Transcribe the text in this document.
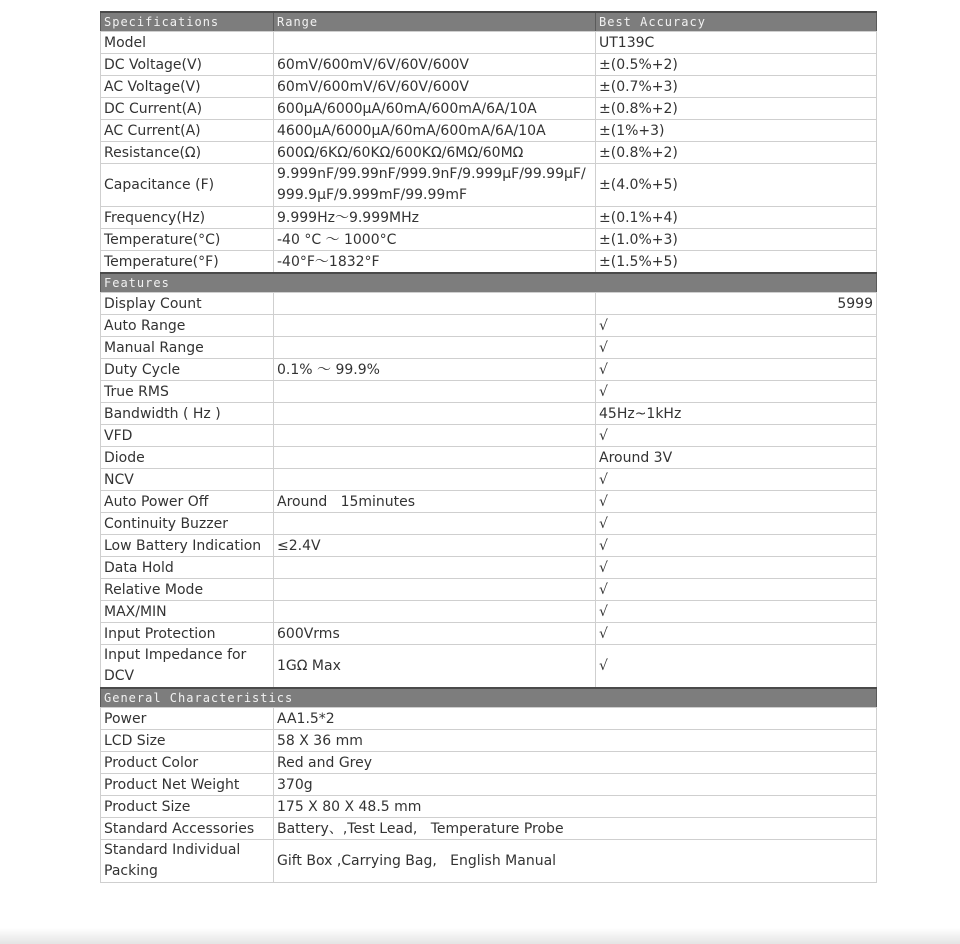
Specifications	Range	Best Accuracy
Model		UT139C
DC Voltage(V)	60mV/600mV/6V/60V/600V	±(0.5%+2)
AC Voltage(V)	60mV/600mV/6V/60V/600V	±(0.7%+3)
DC Current(A)	600μA/6000μA/60mA/600mA/6A/10A	±(0.8%+2)
AC Current(A)	4600μA/6000μA/60mA/600mA/6A/10A	±(1%+3)
Resistance(Ω)	600Ω/6KΩ/60KΩ/600KΩ/6MΩ/60MΩ	±(0.8%+2)
Capacitance (F)	9.999nF/99.99nF/999.9nF/9.999μF/99.99μF/999.9μF/9.999mF/99.99mF	±(4.0%+5)
Frequency(Hz)	9.999Hz～9.999MHz	±(0.1%+4)
Temperature(°C)	-40 °C ～ 1000°C	±(1.0%+3)
Temperature(°F)	-40°F～1832°F	±(1.5%+5)
Features		
Display Count		5999
Auto Range		√
Manual Range		√
Duty Cycle	0.1% ～ 99.9%	√
True RMS		√
Bandwidth ( Hz )		45Hz~1kHz
VFD		√
Diode		Around 3V
NCV		√
Auto Power Off	Around   15minutes	√
Continuity Buzzer		√
Low Battery Indication	≤2.4V	√
Data Hold		√
Relative Mode		√
MAX/MIN		√
Input Protection	600Vrms	√
Input Impedance for DCV	1GΩ Max	√
General Characteristics		
Power	AA1.5*2	
LCD Size	58 X 36 mm	
Product Color	Red and Grey	
Product Net Weight	370g	
Product Size	175 X 80 X 48.5 mm	
Standard Accessories	Battery、,Test Lead,   Temperature Probe	
Standard Individual Packing	Gift Box ,Carrying Bag,   English Manual	
